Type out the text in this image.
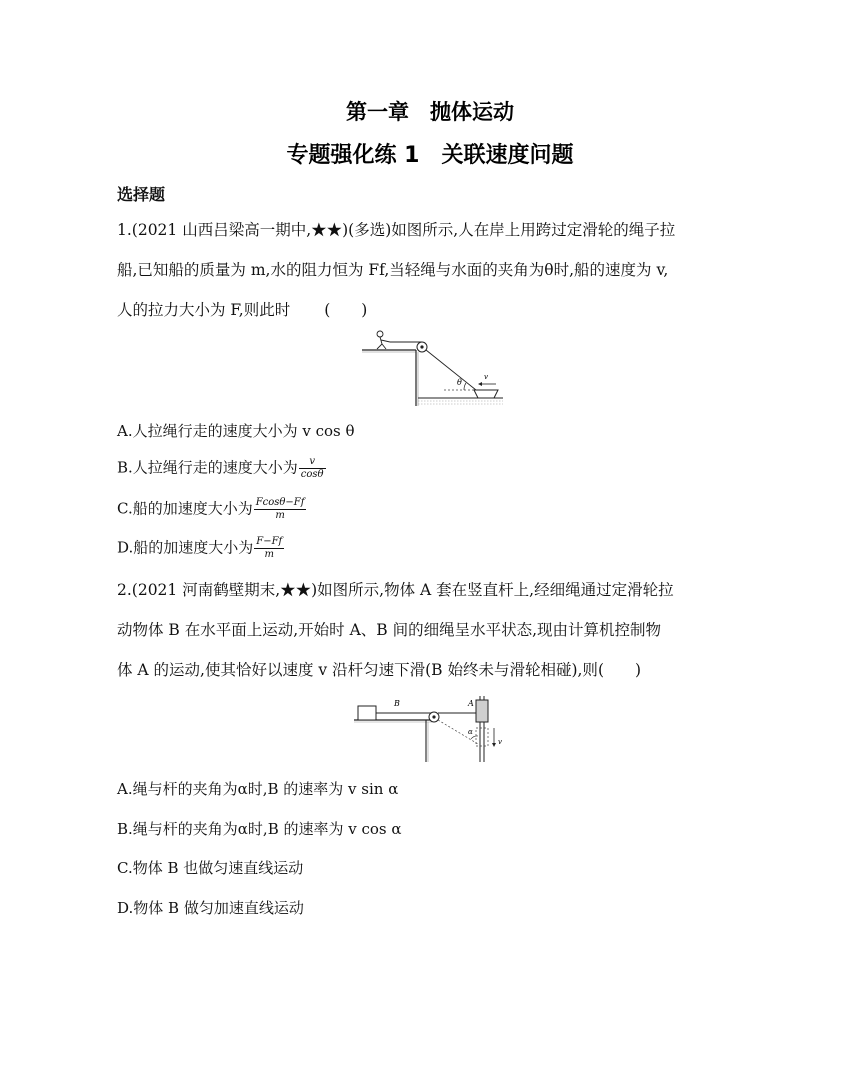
第一章　抛体运动
专题强化练 1　关联速度问题
选择题
1.(2021 山西吕梁高一期中,★★)(多选)如图所示,人在岸上用跨过定滑轮的绳子拉
船,已知船的质量为 m,水的阻力恒为 Ff,当轻绳与水面的夹角为θ时,船的速度为 v,
人的拉力大小为 F,则此时 (　　)
θ
v
A.人拉绳行走的速度大小为 v cos θ
B.人拉绳行走的速度大小为 $\frac{v}{\cos\theta}$
C.船的加速度大小为 $\frac{Fcos\theta-Ff}{m}$
D.船的加速度大小为 $\frac{F-Ff}{m}$
2.(2021 河南鹤壁期末,★★)如图所示,物体 A 套在竖直杆上,经细绳通过定滑轮拉
动物体 B 在水平面上运动,开始时 A、B 间的细绳呈水平状态,现由计算机控制物
体 A 的运动,使其恰好以速度 v 沿杆匀速下滑(B 始终未与滑轮相碰),则(　　)
B	A
α
v
A.绳与杆的夹角为α时,B 的速率为 v sin α
B.绳与杆的夹角为α时,B 的速率为 v cos α
C.物体 B 也做匀速直线运动
D.物体 B 做匀加速直线运动
